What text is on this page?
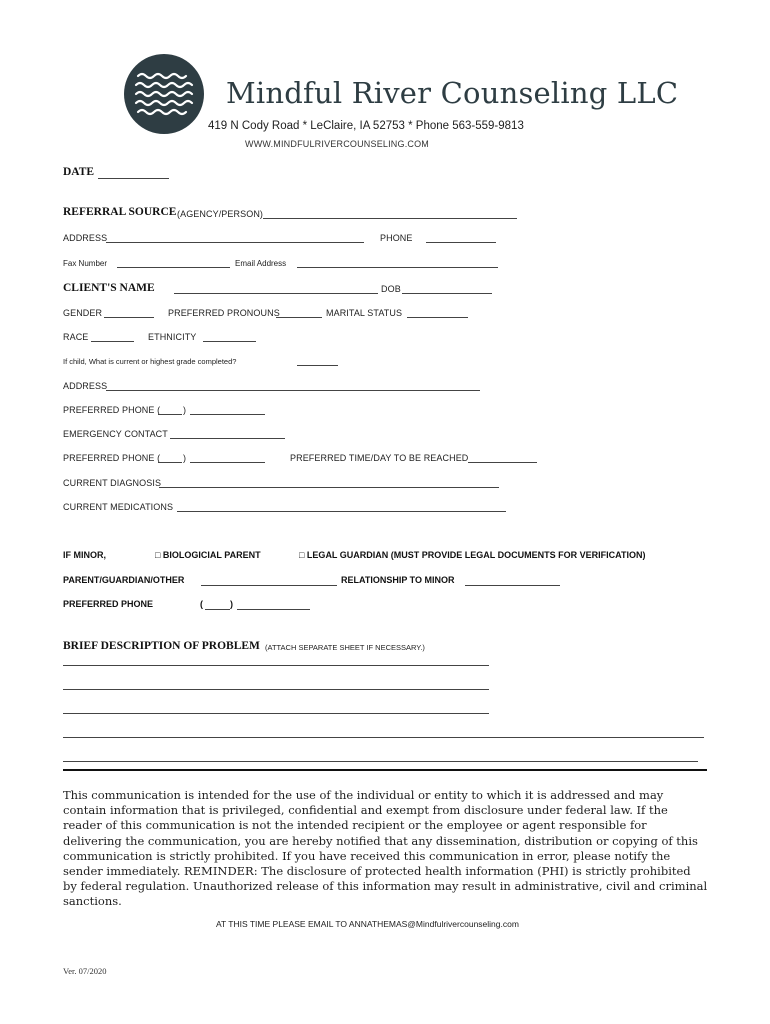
Mindful River Counseling LLC
419 N Cody Road * LeClaire, IA 52753 * Phone 563-559-9813
WWW.MINDFULRIVERCOUNSELING.COM
DATE
REFERRAL SOURCE (AGENCY/PERSON)
ADDRESS	PHONE
Fax Number	Email Address
CLIENT'S NAME	DOB
GENDER	PREFERRED PRONOUNS	MARITAL STATUS
RACE	ETHNICITY
If child, What is current or highest grade completed?
ADDRESS
PREFERRED PHONE (	)
EMERGENCY CONTACT
PREFERRED PHONE (	)	PREFERRED TIME/DAY TO BE REACHED
CURRENT DIAGNOSIS
CURRENT MEDICATIONS
IF MINOR,	□ BIOLOGICIAL PARENT	□ LEGAL GUARDIAN (MUST PROVIDE LEGAL DOCUMENTS FOR VERIFICATION)
PARENT/GUARDIAN/OTHER	RELATIONSHIP TO MINOR
PREFERRED PHONE	(	)
BRIEF DESCRIPTION OF PROBLEM (ATTACH SEPARATE SHEET IF NECESSARY.)
This communication is intended for the use of the individual or entity to which it is addressed and may contain information that is privileged, confidential and exempt from disclosure under federal law. If the reader of this communication is not the intended recipient or the employee or agent responsible for delivering the communication, you are hereby notified that any dissemination, distribution or copying of this communication is strictly prohibited. If you have received this communication in error, please notify the sender immediately. REMINDER: The disclosure of protected health information (PHI) is strictly prohibited by federal regulation. Unauthorized release of this information may result in administrative, civil and criminal sanctions.
AT THIS TIME PLEASE EMAIL TO ANNATHEMAS@Mindfulrivercounseling.com
Ver. 07/2020
